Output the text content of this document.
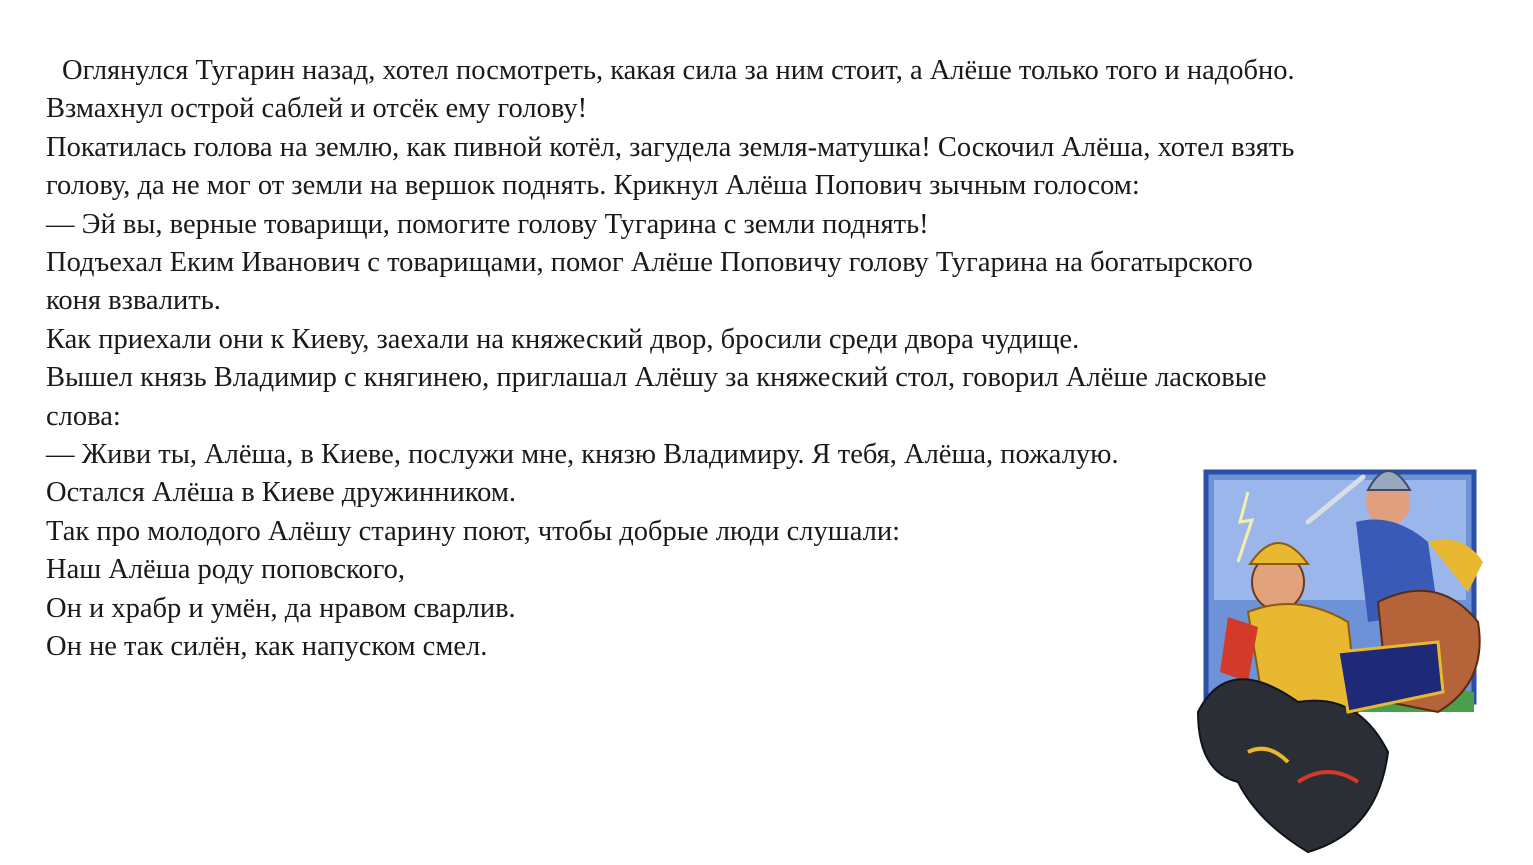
Оглянулся Тугарин назад, хотел посмотреть, какая сила за ним стоит, а Алёше только того и надобно.
Взмахнул острой саблей и отсёк ему голову!
Покатилась голова на землю, как пивной котёл, загудела земля-матушка! Соскочил Алёша, хотел взять
голову, да не мог от земли на вершок поднять. Крикнул Алёша Попович зычным голосом:
— Эй вы, верные товарищи, помогите голову Тугарина с земли поднять!
Подъехал Еким Иванович с товарищами, помог Алёше Поповичу голову Тугарина на богатырского
коня взвалить.
Как приехали они к Киеву, заехали на княжеский двор, бросили среди двора чудище.
Вышел князь Владимир с княгинею, приглашал Алёшу за княжеский стол, говорил Алёше ласковые
слова:
— Живи ты, Алёша, в Киеве, послужи мне, князю Владимиру. Я тебя, Алёша, пожалую.
Остался Алёша в Киеве дружинником.
Так про молодого Алёшу старину поют, чтобы добрые люди слушали:
Наш Алёша роду поповского,
Он и храбр и умён, да нравом сварлив.
Он не так силён, как напуском смел.
